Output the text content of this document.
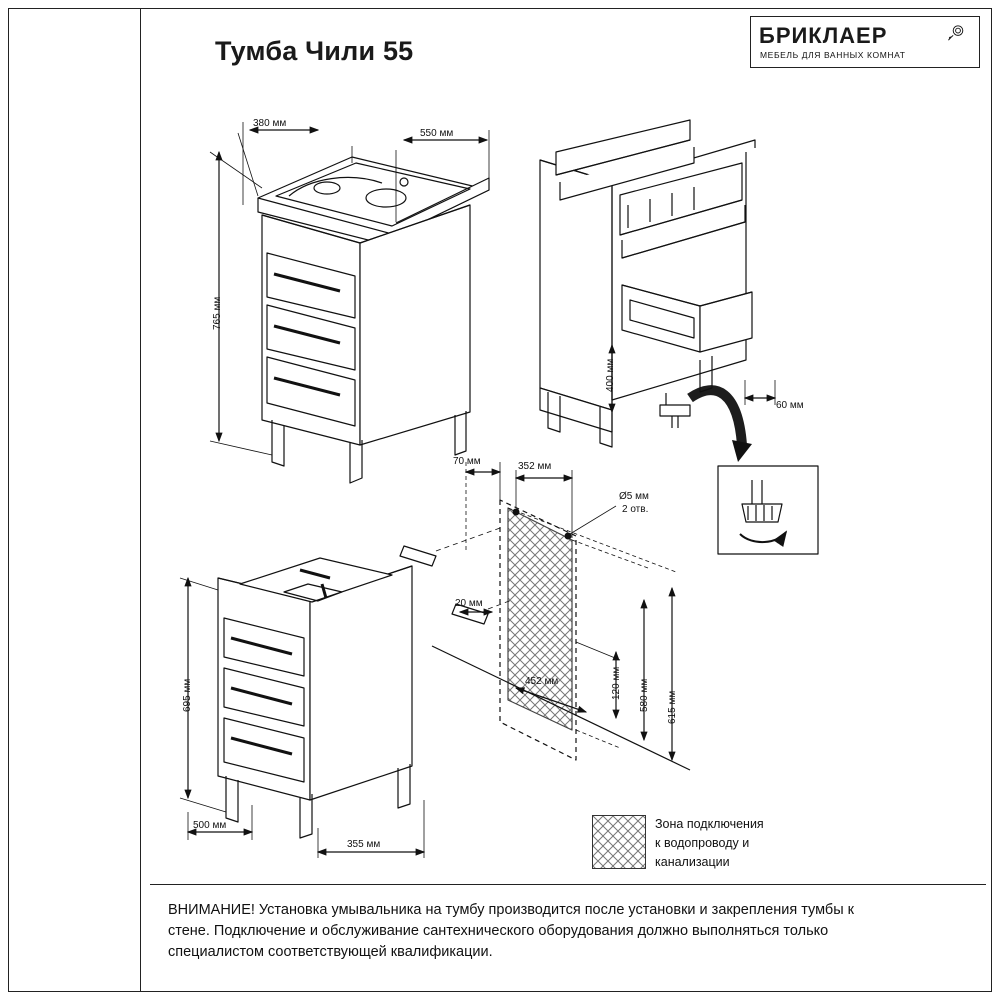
Тумба Чили 55
БРИКЛАЕР
МЕБЕЛЬ ДЛЯ ВАННЫХ КОМНАТ
380 мм
550 мм
765 мм
400 мм
60 мм
695 мм
500 мм
355 мм
70 мм	352 мм
Ø5 мм
2 отв.
20 мм
452 мм	120 мм 580 мм 615 мм
Зона подключения
к водопроводу и
канализации
ВНИМАНИЕ! Установка умывальника на тумбу производится после установки и закрепления тумбы к стене. Подключение и обслуживание сантехнического оборудования должно выполняться только специалистом соответствующей квалификации.
